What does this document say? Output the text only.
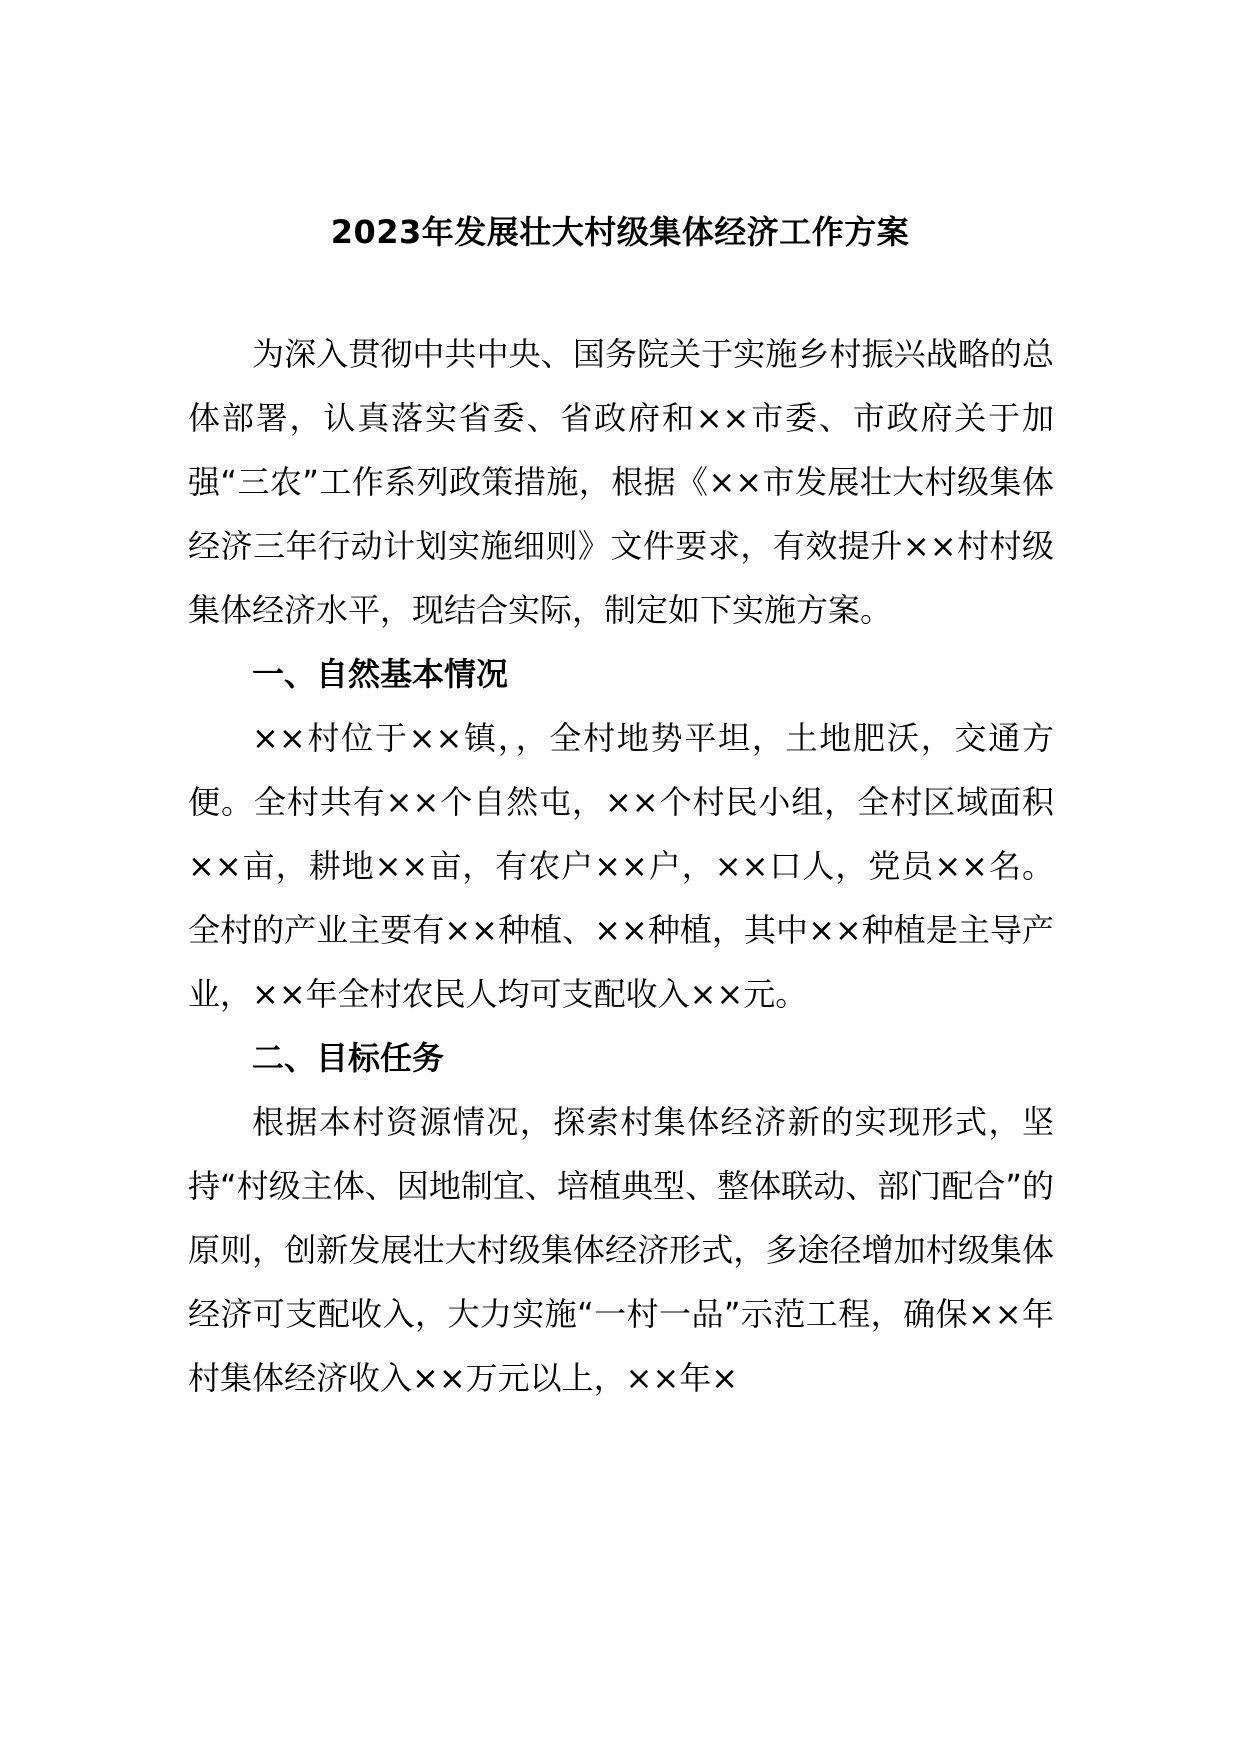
2023年发展壮大村级集体经济工作方案

为深入贯彻中共中央、国务院关于实施乡村振兴战略的总体部署，认真落实省委、省政府和××市委、市政府关于加强“三农”工作系列政策措施，根据《××市发展壮大村级集体经济三年行动计划实施细则》文件要求，有效提升××村村级集体经济水平，现结合实际，制定如下实施方案。

一、自然基本情况

××村位于××镇，，全村地势平坦，土地肥沃，交通方便。全村共有××个自然屯，××个村民小组，全村区域面积××亩，耕地××亩，有农户××户，××口人，党员××名。全村的产业主要有××种植、××种植，其中××种植是主导产业，××年全村农民人均可支配收入××元。

二、目标任务

根据本村资源情况，探索村集体经济新的实现形式，坚持“村级主体、因地制宜、培植典型、整体联动、部门配合”的原则，创新发展壮大村级集体经济形式，多途径增加村级集体经济可支配收入，大力实施“一村一品”示范工程，确保××年村集体经济收入××万元以上，××年×
